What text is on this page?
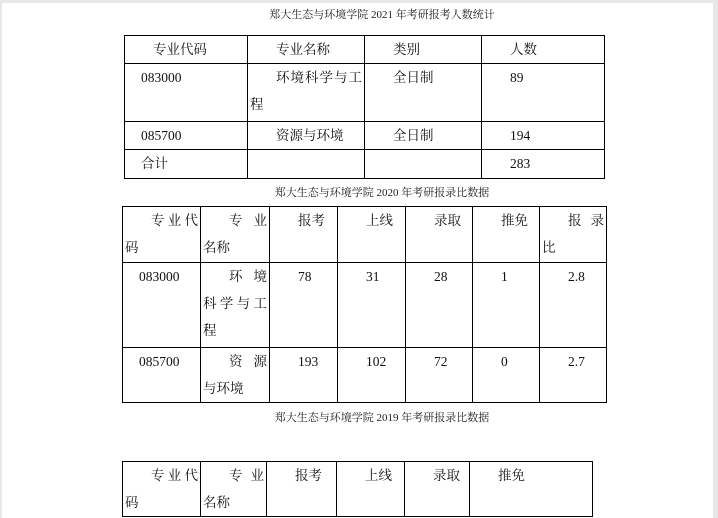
郑大生态与环境学院 2021 年考研报考人数统计
专业代码	专业名称	类别	人数
083000	环境科学与工程	全日制	89
085700	资源与环境	全日制	194
合计			283
郑大生态与环境学院 2020 年考研报录比数据
专业代码	专业名称	报考	上线	录取	推免	报录比
083000	环境科学与工程	78	31	28	1	2.8
085700	资源与环境	193	102	72	0	2.7
郑大生态与环境学院 2019 年考研报录比数据
专业代码	专业名称	报考	上线	录取	推免
